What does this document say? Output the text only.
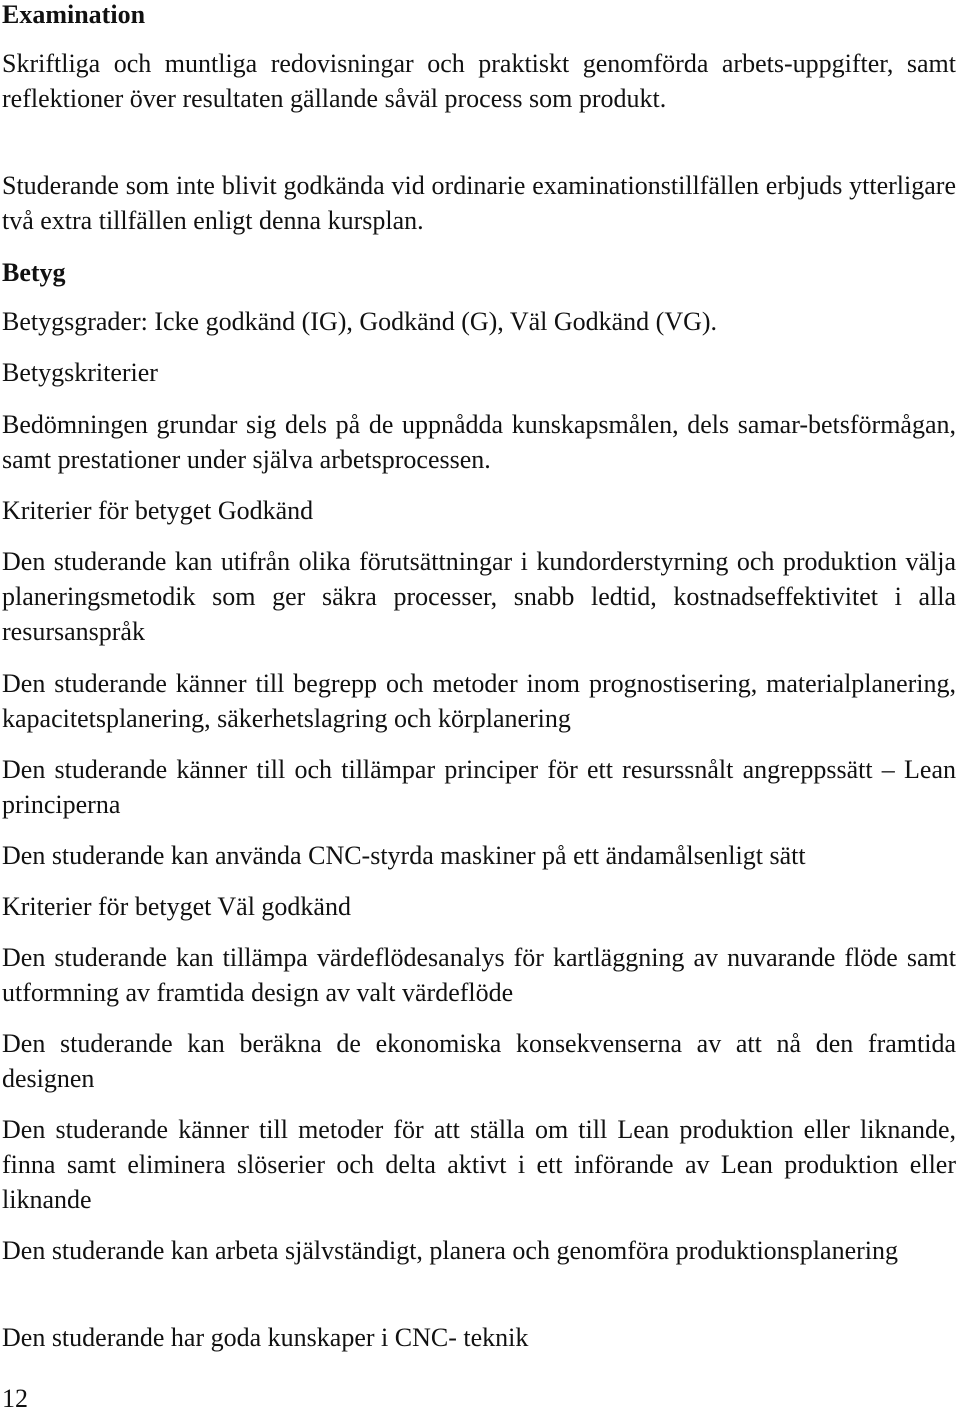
Examination

Skriftliga och muntliga redovisningar och praktiskt genomförda arbets-uppgifter, samt reflektioner över resultaten gällande såväl process som produkt.

Studerande som inte blivit godkända vid ordinarie examinationstillfällen erbjuds ytterligare två extra tillfällen enligt denna kursplan.

Betyg

Betygsgrader: Icke godkänd (IG), Godkänd (G), Väl Godkänd (VG).

Betygskriterier

Bedömningen grundar sig dels på de uppnådda kunskapsmålen, dels samar-betsförmågan, samt prestationer under själva arbetsprocessen.

Kriterier för betyget Godkänd

Den studerande kan utifrån olika förutsättningar i kundorderstyrning och produktion välja planeringsmetodik som ger säkra processer, snabb ledtid, kostnadseffektivitet i alla resursanspråk

Den studerande känner till begrepp och metoder inom prognostisering, materialplanering, kapacitetsplanering, säkerhetslagring och körplanering

Den studerande känner till och tillämpar principer för ett resurssnålt angreppssätt – Lean principerna

Den studerande kan använda CNC-styrda maskiner på ett ändamålsenligt sätt

Kriterier för betyget Väl godkänd

Den studerande kan tillämpa värdeflödesanalys för kartläggning av nuvarande flöde samt utformning av framtida design av valt värdeflöde

Den studerande kan beräkna de ekonomiska konsekvenserna av att nå den framtida designen

Den studerande känner till metoder för att ställa om till Lean produktion eller liknande, finna samt eliminera slöserier och delta aktivt i ett införande av Lean produktion eller liknande

Den studerande kan arbeta självständigt, planera och genomföra produktionsplanering

Den studerande har goda kunskaper i CNC- teknik

12
